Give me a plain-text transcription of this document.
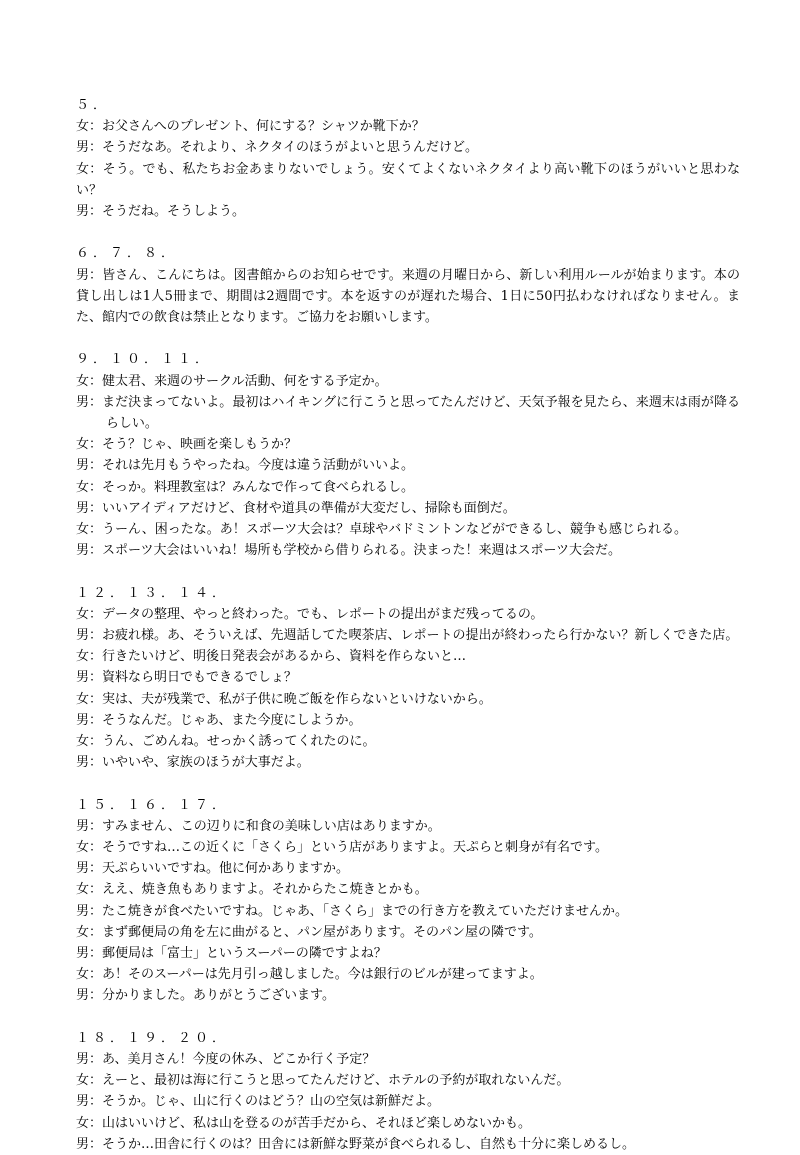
５．
女：お父さんへのプレゼント、何にする？シャツか靴下か？
男：そうだなあ。それより、ネクタイのほうがよいと思うんだけど。
女：そう。でも、私たちお金あまりないでしょう。安くてよくないネクタイより高い靴下のほうがいいと思わない？
男：そうだね。そうしよう。
６．７．８．
男：皆さん、こんにちは。図書館からのお知らせです。来週の月曜日から、新しい利用ルールが始まります。本の貸し出しは1人5冊まで、期間は2週間です。本を返すのが遅れた場合、1日に50円払わなければなりません。また、館内での飲食は禁止となります。ご協力をお願いします。
９．１０．１１．
女：健太君、来週のサークル活動、何をする予定か。
男：まだ決まってないよ。最初はハイキングに行こうと思ってたんだけど、天気予報を見たら、来週末は雨が降るらしい。
女：そう？じゃ、映画を楽しもうか？
男：それは先月もうやったね。今度は違う活動がいいよ。
女：そっか。料理教室は？みんなで作って食べられるし。
男：いいアイディアだけど、食材や道具の準備が大変だし、掃除も面倒だ。
女：うーん、困ったな。あ！スポーツ大会は？卓球やバドミントンなどができるし、競争も感じられる。
男：スポーツ大会はいいね！場所も学校から借りられる。決まった！来週はスポーツ大会だ。
１２．１３．１４．
女：データの整理、やっと終わった。でも、レポートの提出がまだ残ってるの。
男：お疲れ様。あ、そういえば、先週話してた喫茶店、レポートの提出が終わったら行かない？新しくできた店。
女：行きたいけど、明後日発表会があるから、資料を作らないと…
男：資料なら明日でもできるでしょ？
女：実は、夫が残業で、私が子供に晩ご飯を作らないといけないから。
男：そうなんだ。じゃあ、また今度にしようか。
女：うん、ごめんね。せっかく誘ってくれたのに。
男：いやいや、家族のほうが大事だよ。
１５．１６．１７．
男：すみません、この辺りに和食の美味しい店はありますか。
女：そうですね…この近くに「さくら」という店がありますよ。天ぷらと刺身が有名です。
男：天ぷらいいですね。他に何かありますか。
女：ええ、焼き魚もありますよ。それからたこ焼きとかも。
男：たこ焼きが食べたいですね。じゃあ、「さくら」までの行き方を教えていただけませんか。
女：まず郵便局の角を左に曲がると、パン屋があります。そのパン屋の隣です。
男：郵便局は「富士」というスーパーの隣ですよね？
女：あ！そのスーパーは先月引っ越しました。今は銀行のビルが建ってますよ。
男：分かりました。ありがとうございます。
１８．１９．２０．
男：あ、美月さん！今度の休み、どこか行く予定？
女：えーと、最初は海に行こうと思ってたんだけど、ホテルの予約が取れないんだ。
男：そうか。じゃ、山に行くのはどう？山の空気は新鮮だよ。
女：山はいいけど、私は山を登るのが苦手だから、それほど楽しめないかも。
男：そうか…田舎に行くのは？田舎には新鮮な野菜が食べられるし、自然も十分に楽しめるし。
